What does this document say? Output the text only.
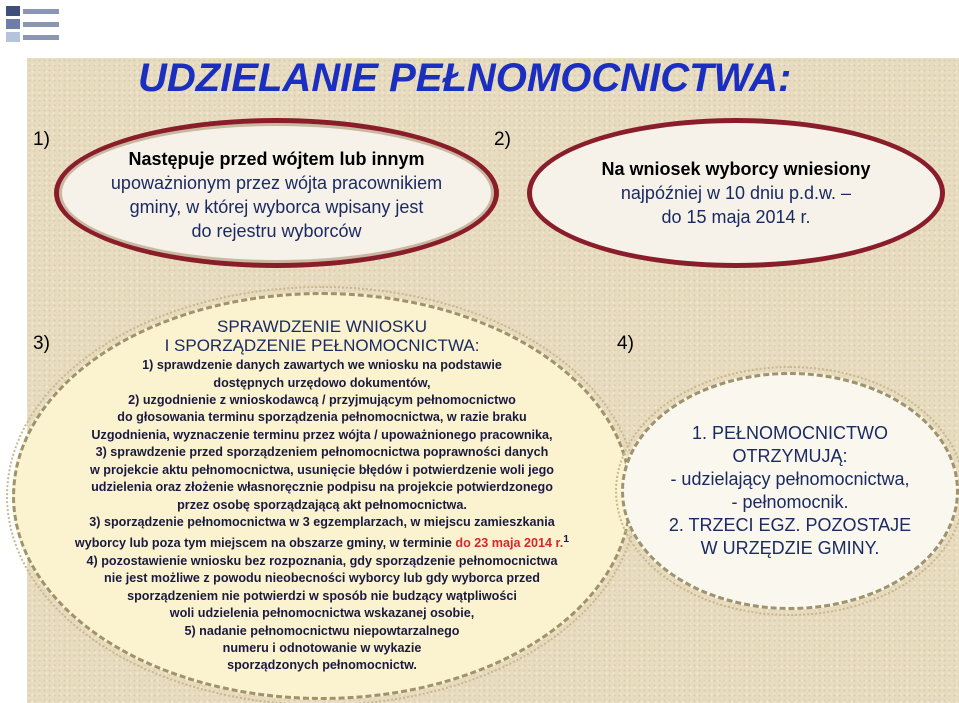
UDZIELANIE PEŁNOMOCNICTWA:
1)	2)
3)	4)
Następuje przed wójtem lub innym
upoważnionym przez wójta pracownikiem
gminy, w której wyborca wpisany jest
do rejestru wyborców
Na wniosek wyborcy wniesiony
najpóźniej w 10 dniu p.d.w. –
do 15 maja 2014 r.
SPRAWDZENIE WNIOSKU
I SPORZĄDZENIE PEŁNOMOCNICTWA:
1) sprawdzenie danych zawartych we wniosku na podstawie
dostępnych urzędowo dokumentów,
2) uzgodnienie z wnioskodawcą / przyjmującym pełnomocnictwo
do głosowania terminu sporządzenia pełnomocnictwa, w razie braku
Uzgodnienia, wyznaczenie terminu przez wójta / upoważnionego pracownika,
3) sprawdzenie przed sporządzeniem pełnomocnictwa poprawności danych
w projekcie aktu pełnomocnictwa, usunięcie błędów i potwierdzenie woli jego
udzielenia oraz złożenie własnoręcznie podpisu na projekcie potwierdzonego
przez osobę sporządzającą akt pełnomocnictwa.
3) sporządzenie pełnomocnictwa w 3 egzemplarzach, w miejscu zamieszkania
wyborcy lub poza tym miejscem na obszarze gminy, w terminie do 23 maja 2014 r.$^1$
4) pozostawienie wniosku bez rozpoznania, gdy sporządzenie pełnomocnictwa
nie jest możliwe z powodu nieobecności wyborcy lub gdy wyborca przed
sporządzeniem nie potwierdzi w sposób nie budzący wątpliwości
woli udzielenia pełnomocnictwa wskazanej osobie,
5) nadanie pełnomocnictwu niepowtarzalnego
numeru i odnotowanie w wykazie
sporządzonych pełnomocnictw.
1. PEŁNOMOCNICTWO
OTRZYMUJĄ:
- udzielający pełnomocnictwa,
- pełnomocnik.
2. TRZECI EGZ. POZOSTAJE
W URZĘDZIE GMINY.
